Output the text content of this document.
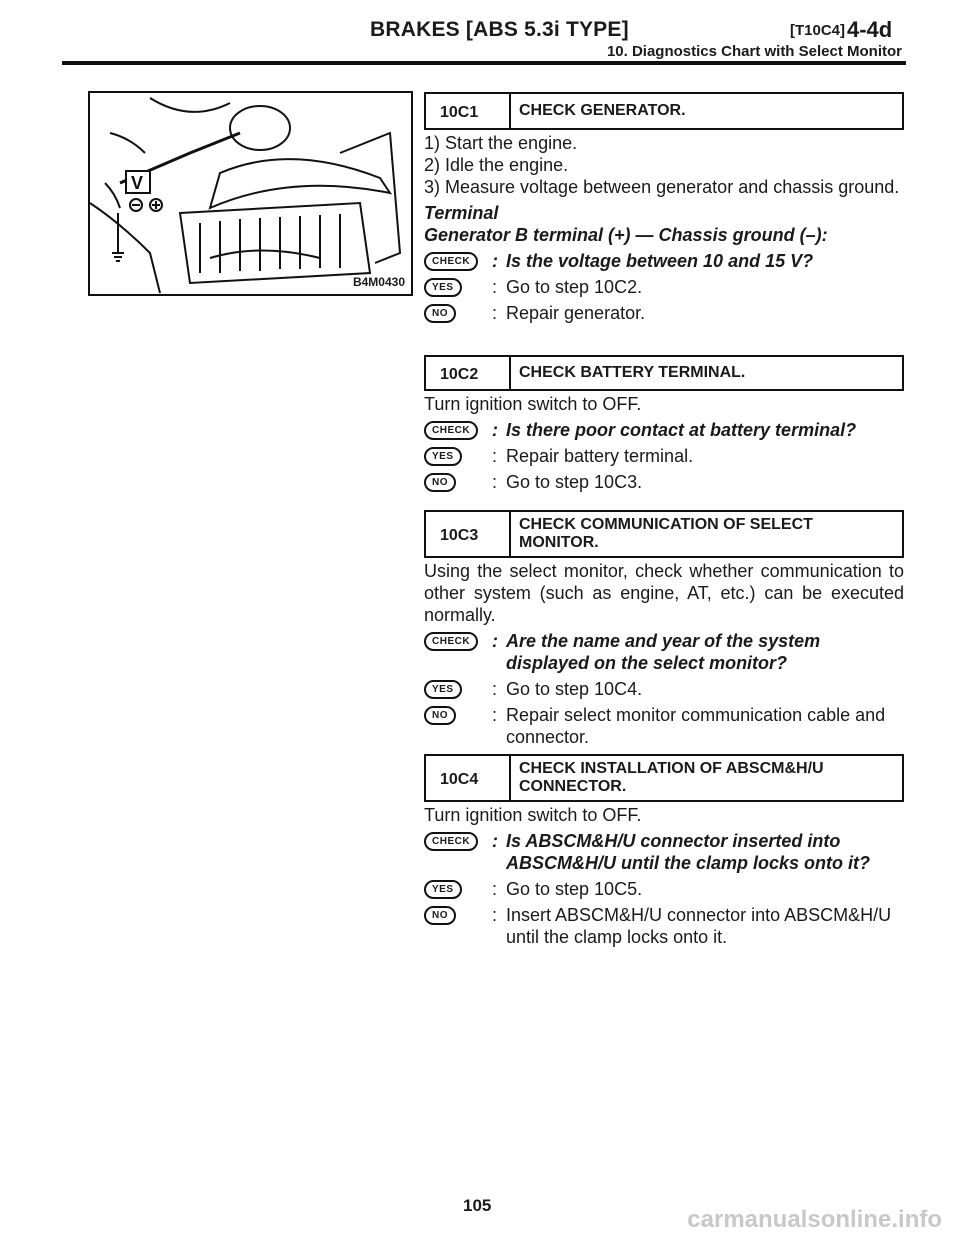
BRAKES [ABS 5.3i TYPE]	[T10C4] 4-4d
10. Diagnostics Chart with Select Monitor
V
B4M0430
10C1	CHECK GENERATOR.

1) Start the engine.

2) Idle the engine.

3) Measure voltage between generator and chassis ground.

Terminal

Generator B terminal (+) — Chassis ground (–):

CHECK	: Is the voltage between 10 and 15 V?
YES	: Go to step 10C2.
NO	: Repair generator.
10C2	CHECK BATTERY TERMINAL.

Turn ignition switch to OFF.

CHECK	: Is there poor contact at battery terminal?
YES	: Repair battery terminal.
NO	: Go to step 10C3.
10C3
CHECK COMMUNICATION OF SELECT MONITOR.

Using the select monitor, check whether communication to other system (such as engine, AT, etc.) can be executed normally.

CHECK	: Are the name and year of the system displayed on the select monitor?
YES	: Go to step 10C4.
NO	: Repair select monitor communication cable and connector.
10C4
CHECK INSTALLATION OF ABSCM&H/U CONNECTOR.

Turn ignition switch to OFF.

CHECK	: Is ABSCM&H/U connector inserted into ABSCM&H/U until the clamp locks onto it?
YES	: Go to step 10C5.
NO	: Insert ABSCM&H/U connector into ABSCM&H/U until the clamp locks onto it.
105
carmanualsonline.info
